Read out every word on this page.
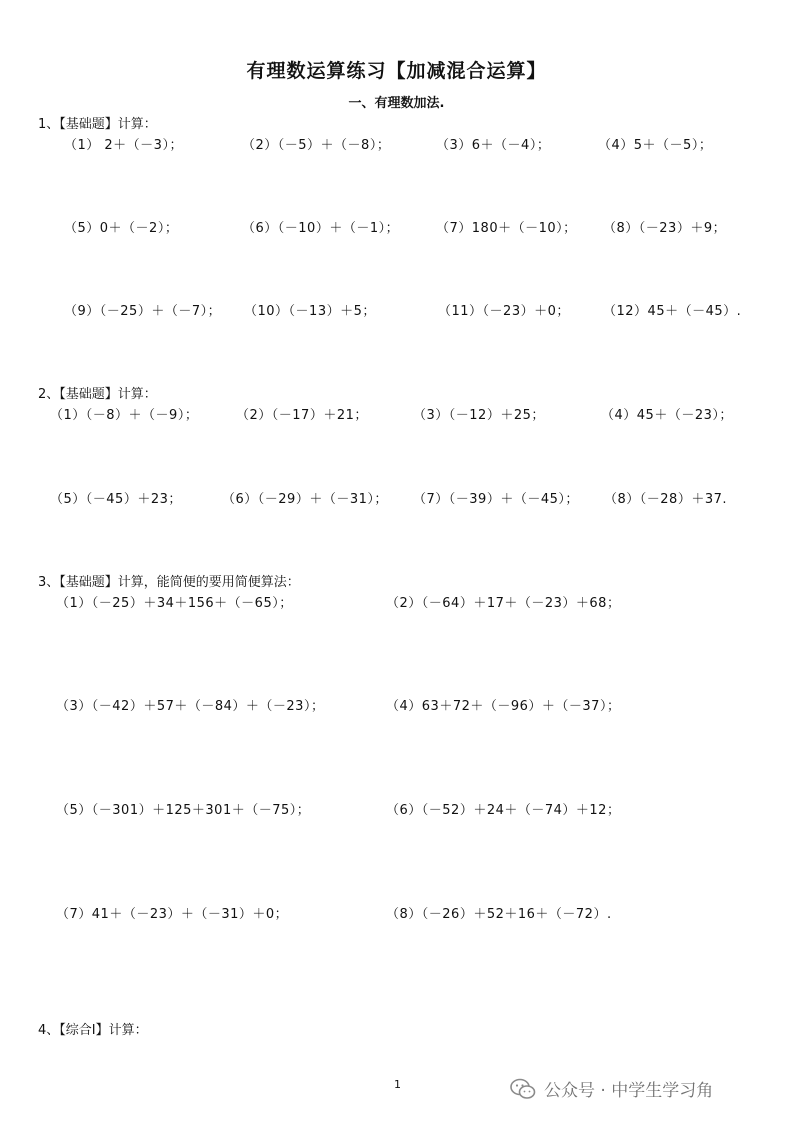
有理数运算练习【加减混合运算】
一、有理数加法.
1、【基础题】计算：
（1） 2＋（－3）；	（2）（－5）＋（－8）；	（3）6＋（－4）；	（4）5＋（－5）；
（5）0＋（－2）；	（6）（－10）＋（－1）；	（7）180＋（－10）； （8）（－23）＋9；
（9）（－25）＋（－7）； （10）（－13）＋5；	（11）（－23）＋0；	（12）45＋（－45）.
2、【基础题】计算：
（1）（－8）＋（－9）；	（2）（－17）＋21；	（3）（－12）＋25；	（4）45＋（－23）；
（5）（－45）＋23；	（6）（－29）＋（－31）； （7）（－39）＋（－45）； （8）（－28）＋37.
3、【基础题】计算，能简便的要用简便算法：
（1）（－25）＋34＋156＋（－65）；	（2）（－64）＋17＋（－23）＋68；
（3）（－42）＋57＋（－84）＋（－23）；	（4）63＋72＋（－96）＋（－37）；
（5）（－301）＋125＋301＋（－75）；	（6）（－52）＋24＋（－74）＋12；
（7）41＋（－23）＋（－31）＋0；	（8）（－26）＋52＋16＋（－72）.
4、【综合Ⅰ】计算：
1	公众号 · 中学生学习角
